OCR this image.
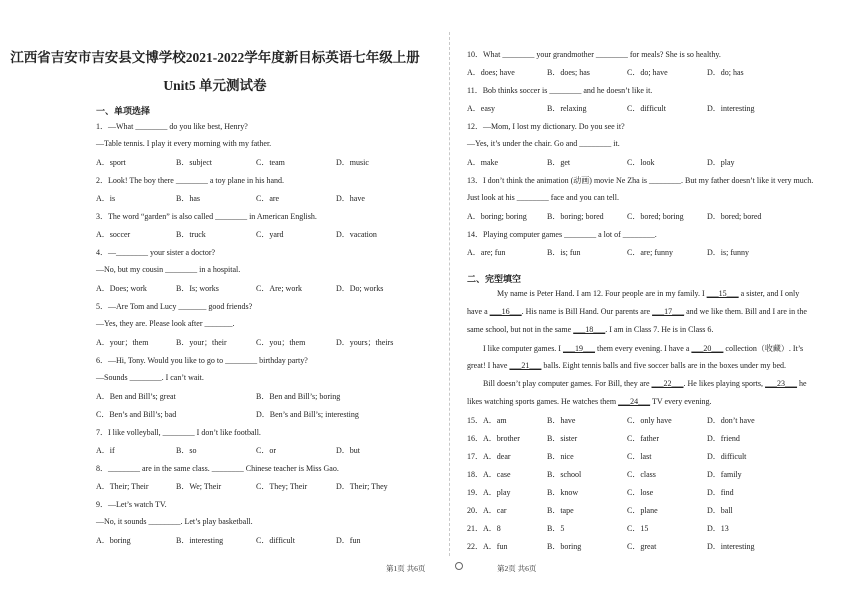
江西省吉安市吉安县文博学校2021-2022学年度新目标英语七年级上册
Unit5 单元测试卷
一、单项选择
1．—What ________ do you like best, Henry?
—Table tennis. I play it every morning with my father.
A．sport	B．subject	C．team	D．music
2．Look! The boy there ________ a toy plane in his hand.
A．is	B．has	C．are	D．have
3．The word “garden” is also called ________ in American English.
A．soccer	B．truck	C．yard	D．vacation
4．—________ your sister a doctor?
—No, but my cousin ________ in a hospital.
A．Does; work	B．Is; works	C．Are; work	D．Do; works
5．—Are Tom and Lucy _______ good friends?
—Yes, they are. Please look after _______.
A．your；them	B．your；their	C．you；them	D．yours；theirs
6．—Hi, Tony. Would you like to go to ________ birthday party?
—Sounds ________. I can’t wait.
A．Ben and Bill’s; great	B．Ben and Bill’s; boring
C．Ben’s and Bill’s; bad	D．Ben’s and Bill’s; interesting
7．I like volleyball, ________ I don’t like football.
A．if	B．so	C．or	D．but
8．________ are in the same class. ________ Chinese teacher is Miss Gao.
A．Their; Their	B．We; Their	C．They; Their	D．Their; They
9．—Let’s watch TV.
—No, it sounds ________. Let’s play basketball.
A．boring	B．interesting	C．difficult	D．fun
第1页 共6页
10．What ________ your grandmother ________ for meals? She is so healthy.
A．does; have	B．does; has	C．do; have	D．do; has
11．Bob thinks soccer is ________ and he doesn’t like it.
A．easy	B．relaxing	C．difficult	D．interesting
12．—Mom, I lost my dictionary. Do you see it?
—Yes, it’s under the chair. Go and ________ it.
A．make	B．get	C．look	D．play
13．I don’t think the animation (动画) movie Ne Zha is ________. But my father doesn’t like it very much.
Just look at his ________ face and you can tell.
A．boring; boring	B．boring; bored	C．bored; boring	D．bored; bored
14．Playing computer games ________ a lot of ________.
A．are; fun	B．is; fun	C．are; funny	D．is; funny
二、完型填空
My name is Peter Hand. I am 12. Four people are in my family. I ___15___ a sister, and I only
have a ___16___. His name is Bill Hand. Our parents are ___17___ and we like them. Bill and I are in the
same school, but not in the same ___18___. I am in Class 7. He is in Class 6.
I like computer games. I ___19___ them every evening. I have a ___20___ collection（收藏）. It’s
great! I have ___21___ balls. Eight tennis balls and five soccer balls are in the boxes under my bed.
Bill doesn’t play computer games. For Bill, they are ___22___. He likes playing sports, ___23___ he
likes watching sports games. He watches them ___24___ TV every evening.
15．A．am	B．have	C．only have	D．don’t have
16．A．brother	B．sister	C．father	D．friend
17．A．dear	B．nice	C．last	D．difficult
18．A．case	B．school	C．class	D．family
19．A．play	B．know	C．lose	D．find
20．A．car	B．tape	C．plane	D．ball
21．A．8	B．5	C．15	D．13
22．A．fun	B．boring	C．great	D．interesting
第2页 共6页
